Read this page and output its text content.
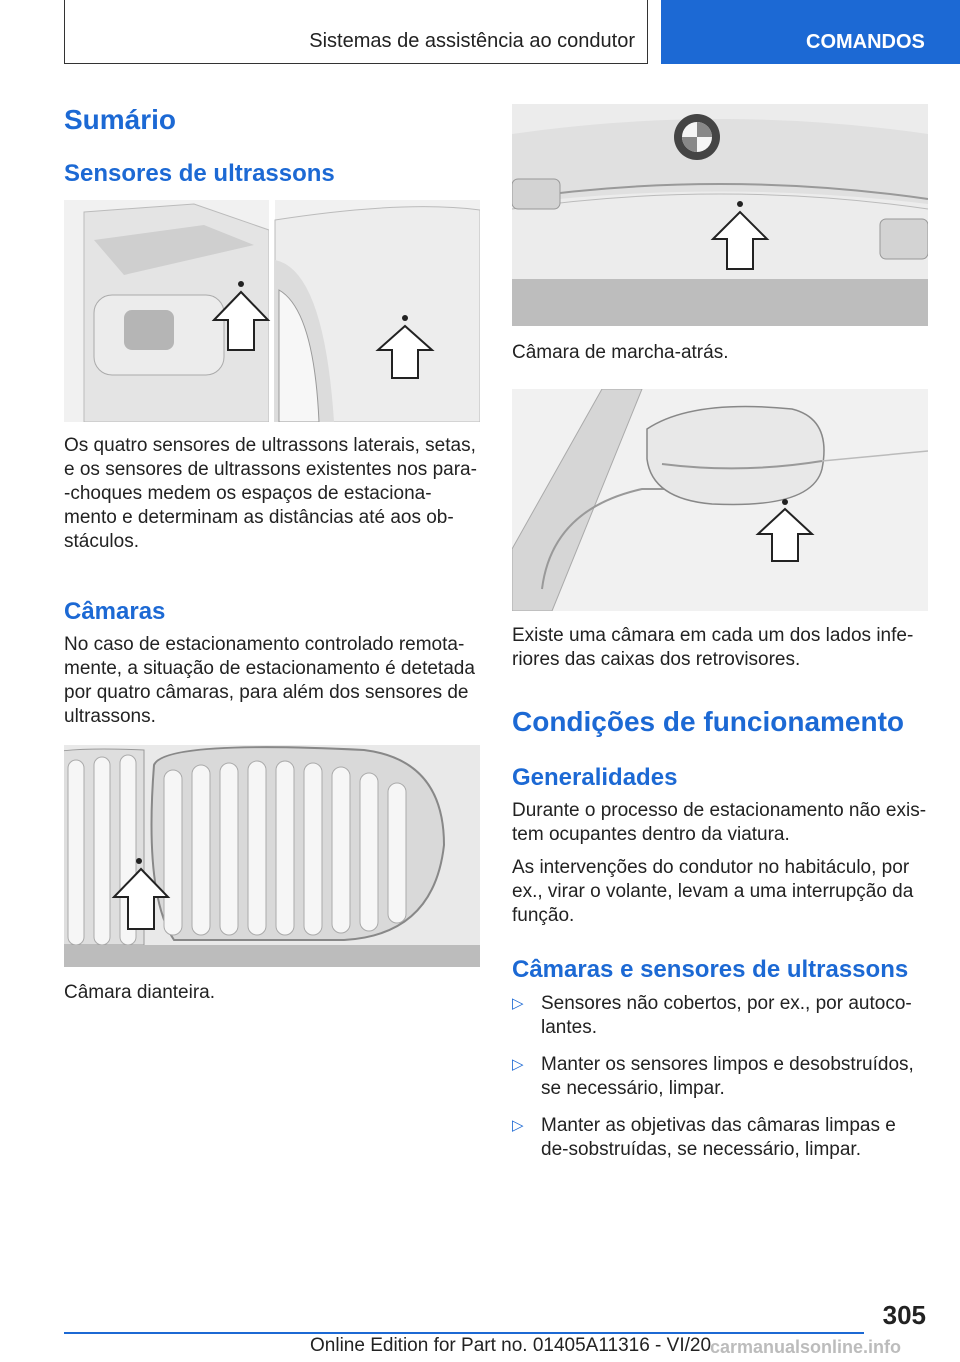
Sistemas de assistência ao condutor	COMANDOS
Sumário
Sensores de ultrassons

Os quatro sensores de ultrassons laterais, setas, e os sensores de ultrassons existentes nos para--choques medem os espaços de estaciona-mento e determinam as distâncias até aos ob-stáculos.

Câmaras

No caso de estacionamento controlado remota-mente, a situação de estacionamento é detetada por quatro câmaras, para além dos sensores de ultrassons.

Câmara dianteira.

Câmara de marcha-atrás.

Existe uma câmara em cada um dos lados infe-riores das caixas dos retrovisores.

Condições de funcionamento
Generalidades

Durante o processo de estacionamento não exis-tem ocupantes dentro da viatura.

As intervenções do condutor no habitáculo, por ex., virar o volante, levam a uma interrupção da função.

Câmaras e sensores de ultrassons
▷ Sensores não cobertos, por ex., por autoco-lantes.
▷ Manter os sensores limpos e desobstruídos, se necessário, limpar.
▷ Manter as objetivas das câmaras limpas e de-sobstruídas, se necessário, limpar.
305
Online Edition for Part no. 01405A11316 - VI/20
carmanualsonline.info
